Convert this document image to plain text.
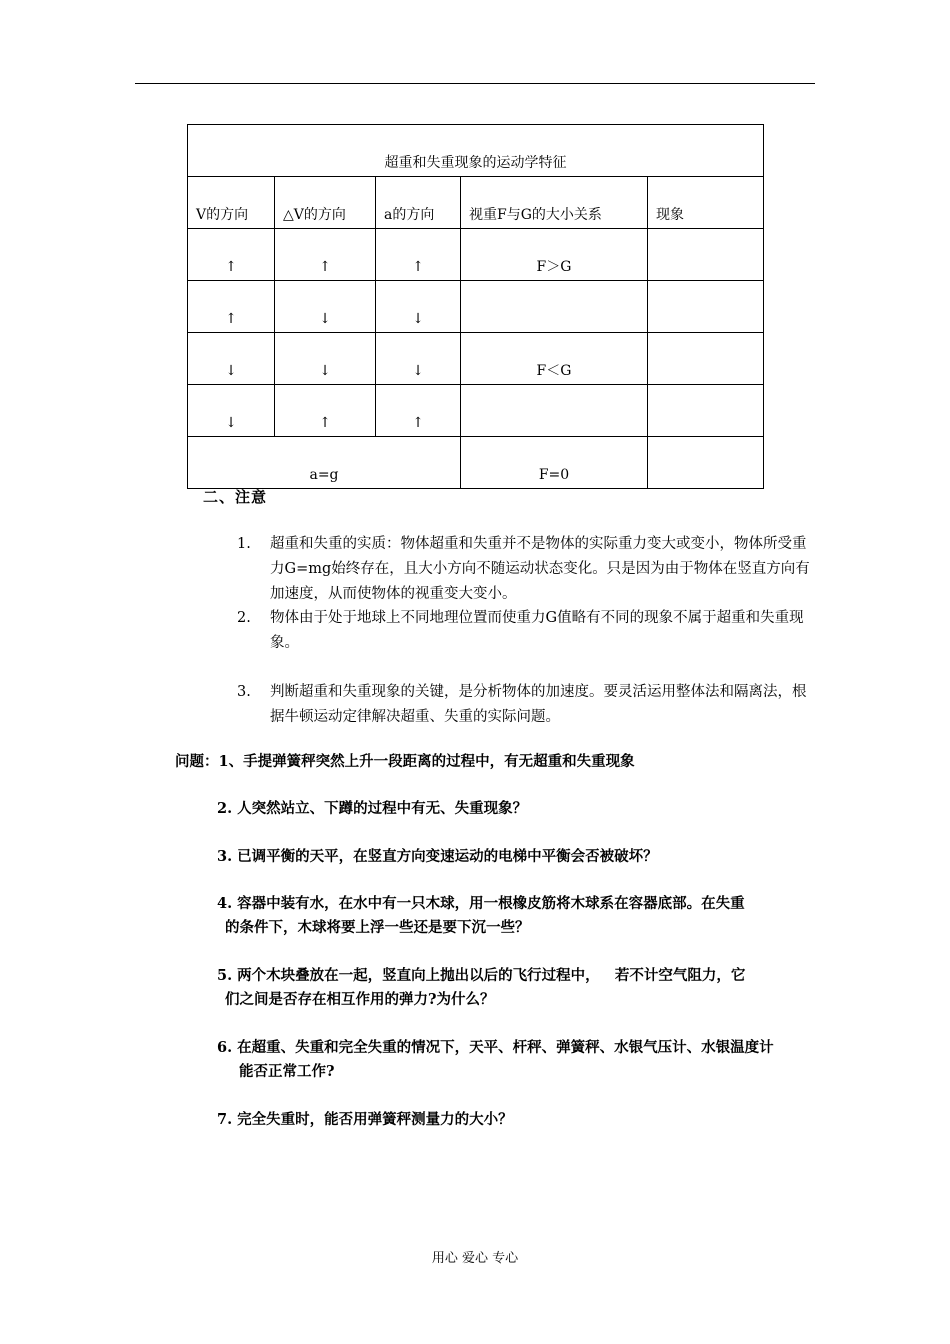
超重和失重现象的运动学特征				
V的方向	△V的方向	a的方向	视重F与G的大小关系	现象
↑	↑	↑	F＞G	
↑	↓	↓		
↓	↓	↓	F＜G	
↓	↑	↑		
a=g			F=0	
二、注意
1. 超重和失重的实质：物体超重和失重并不是物体的实际重力变大或变小，物体所受重力G=mg始终存在，且大小方向不随运动状态变化。只是因为由于物体在竖直方向有加速度，从而使物体的视重变大变小。
2. 物体由于处于地球上不同地理位置而使重力G值略有不同的现象不属于超重和失重现象。
3. 判断超重和失重现象的关键，是分析物体的加速度。要灵活运用整体法和隔离法，根据牛顿运动定律解决超重、失重的实际问题。
问题：1、手提弹簧秤突然上升一段距离的过程中，有无超重和失重现象
2. 人突然站立、下蹲的过程中有无、失重现象？
3. 已调平衡的天平，在竖直方向变速运动的电梯中平衡会否被破坏？
4. 容器中装有水，在水中有一只木球，用一根橡皮筋将木球系在容器底部。在失重
的条件下，木球将要上浮一些还是要下沉一些？
5. 两个木块叠放在一起，竖直向上抛出以后的飞行过程中，   若不计空气阻力，它
们之间是否存在相互作用的弹力?为什么？
6. 在超重、失重和完全失重的情况下，天平、杆秤、弹簧秤、水银气压计、水银温度计
能否正常工作?
7. 完全失重时，能否用弹簧秤测量力的大小？
用心 爱心 专心
